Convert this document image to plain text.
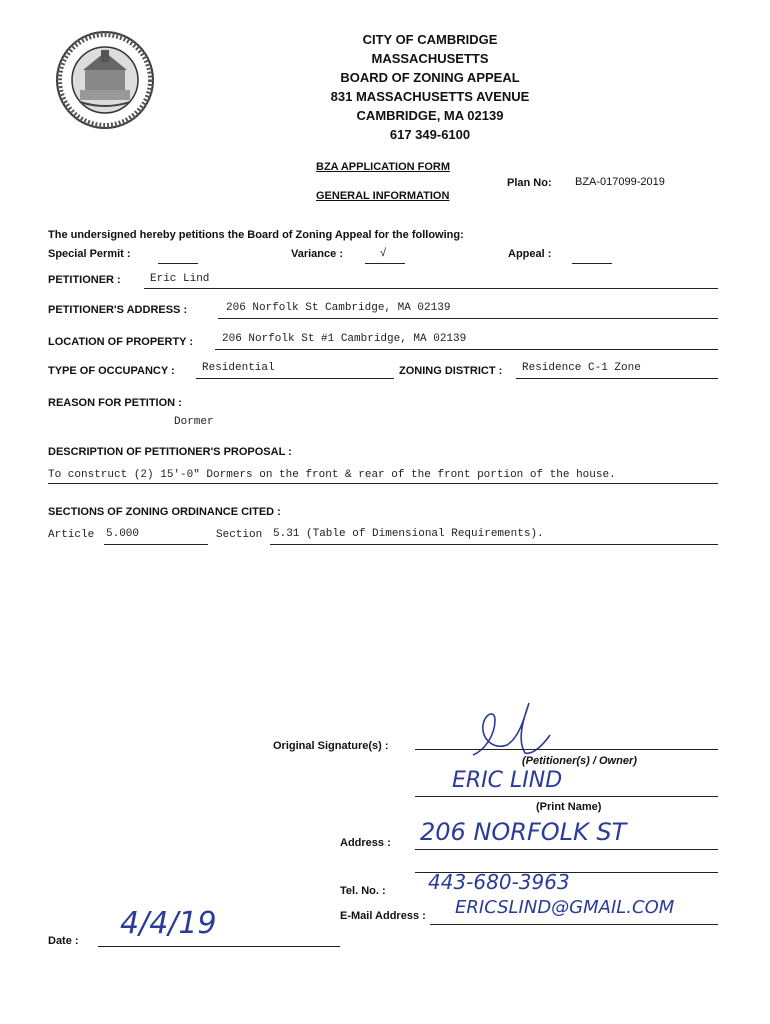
CITY OF CAMBRIDGE
MASSACHUSETTS
BOARD OF ZONING APPEAL
831 MASSACHUSETTS AVENUE
CAMBRIDGE, MA 02139
617 349-6100
BZA APPLICATION FORM
GENERAL INFORMATION
Plan No: BZA-017099-2019
The undersigned hereby petitions the Board of Zoning Appeal for the following:
Special Permit :	Variance :	√	Appeal :
PETITIONER :	Eric Lind
PETITIONER'S ADDRESS :	206 Norfolk St Cambridge, MA 02139
LOCATION OF PROPERTY :	206 Norfolk St #1 Cambridge, MA 02139
TYPE OF OCCUPANCY : Residential	ZONING DISTRICT : Residence C-1 Zone
REASON FOR PETITION :
Dormer
DESCRIPTION OF PETITIONER'S PROPOSAL :
To construct (2) 15'-0" Dormers on the front & rear of the front portion of the house.
SECTIONS OF ZONING ORDINANCE CITED :
Article 5.000	Section 5.31 (Table of Dimensional Requirements).
Original Signature(s) :
(Petitioner(s) / Owner)
ERIC LIND
(Print Name)
Address : 206 NORFOLK ST
Tel. No. : 443-680-3963
E-Mail Address : ERICSLIND@GMAIL.COM
Date : 4/4/19
